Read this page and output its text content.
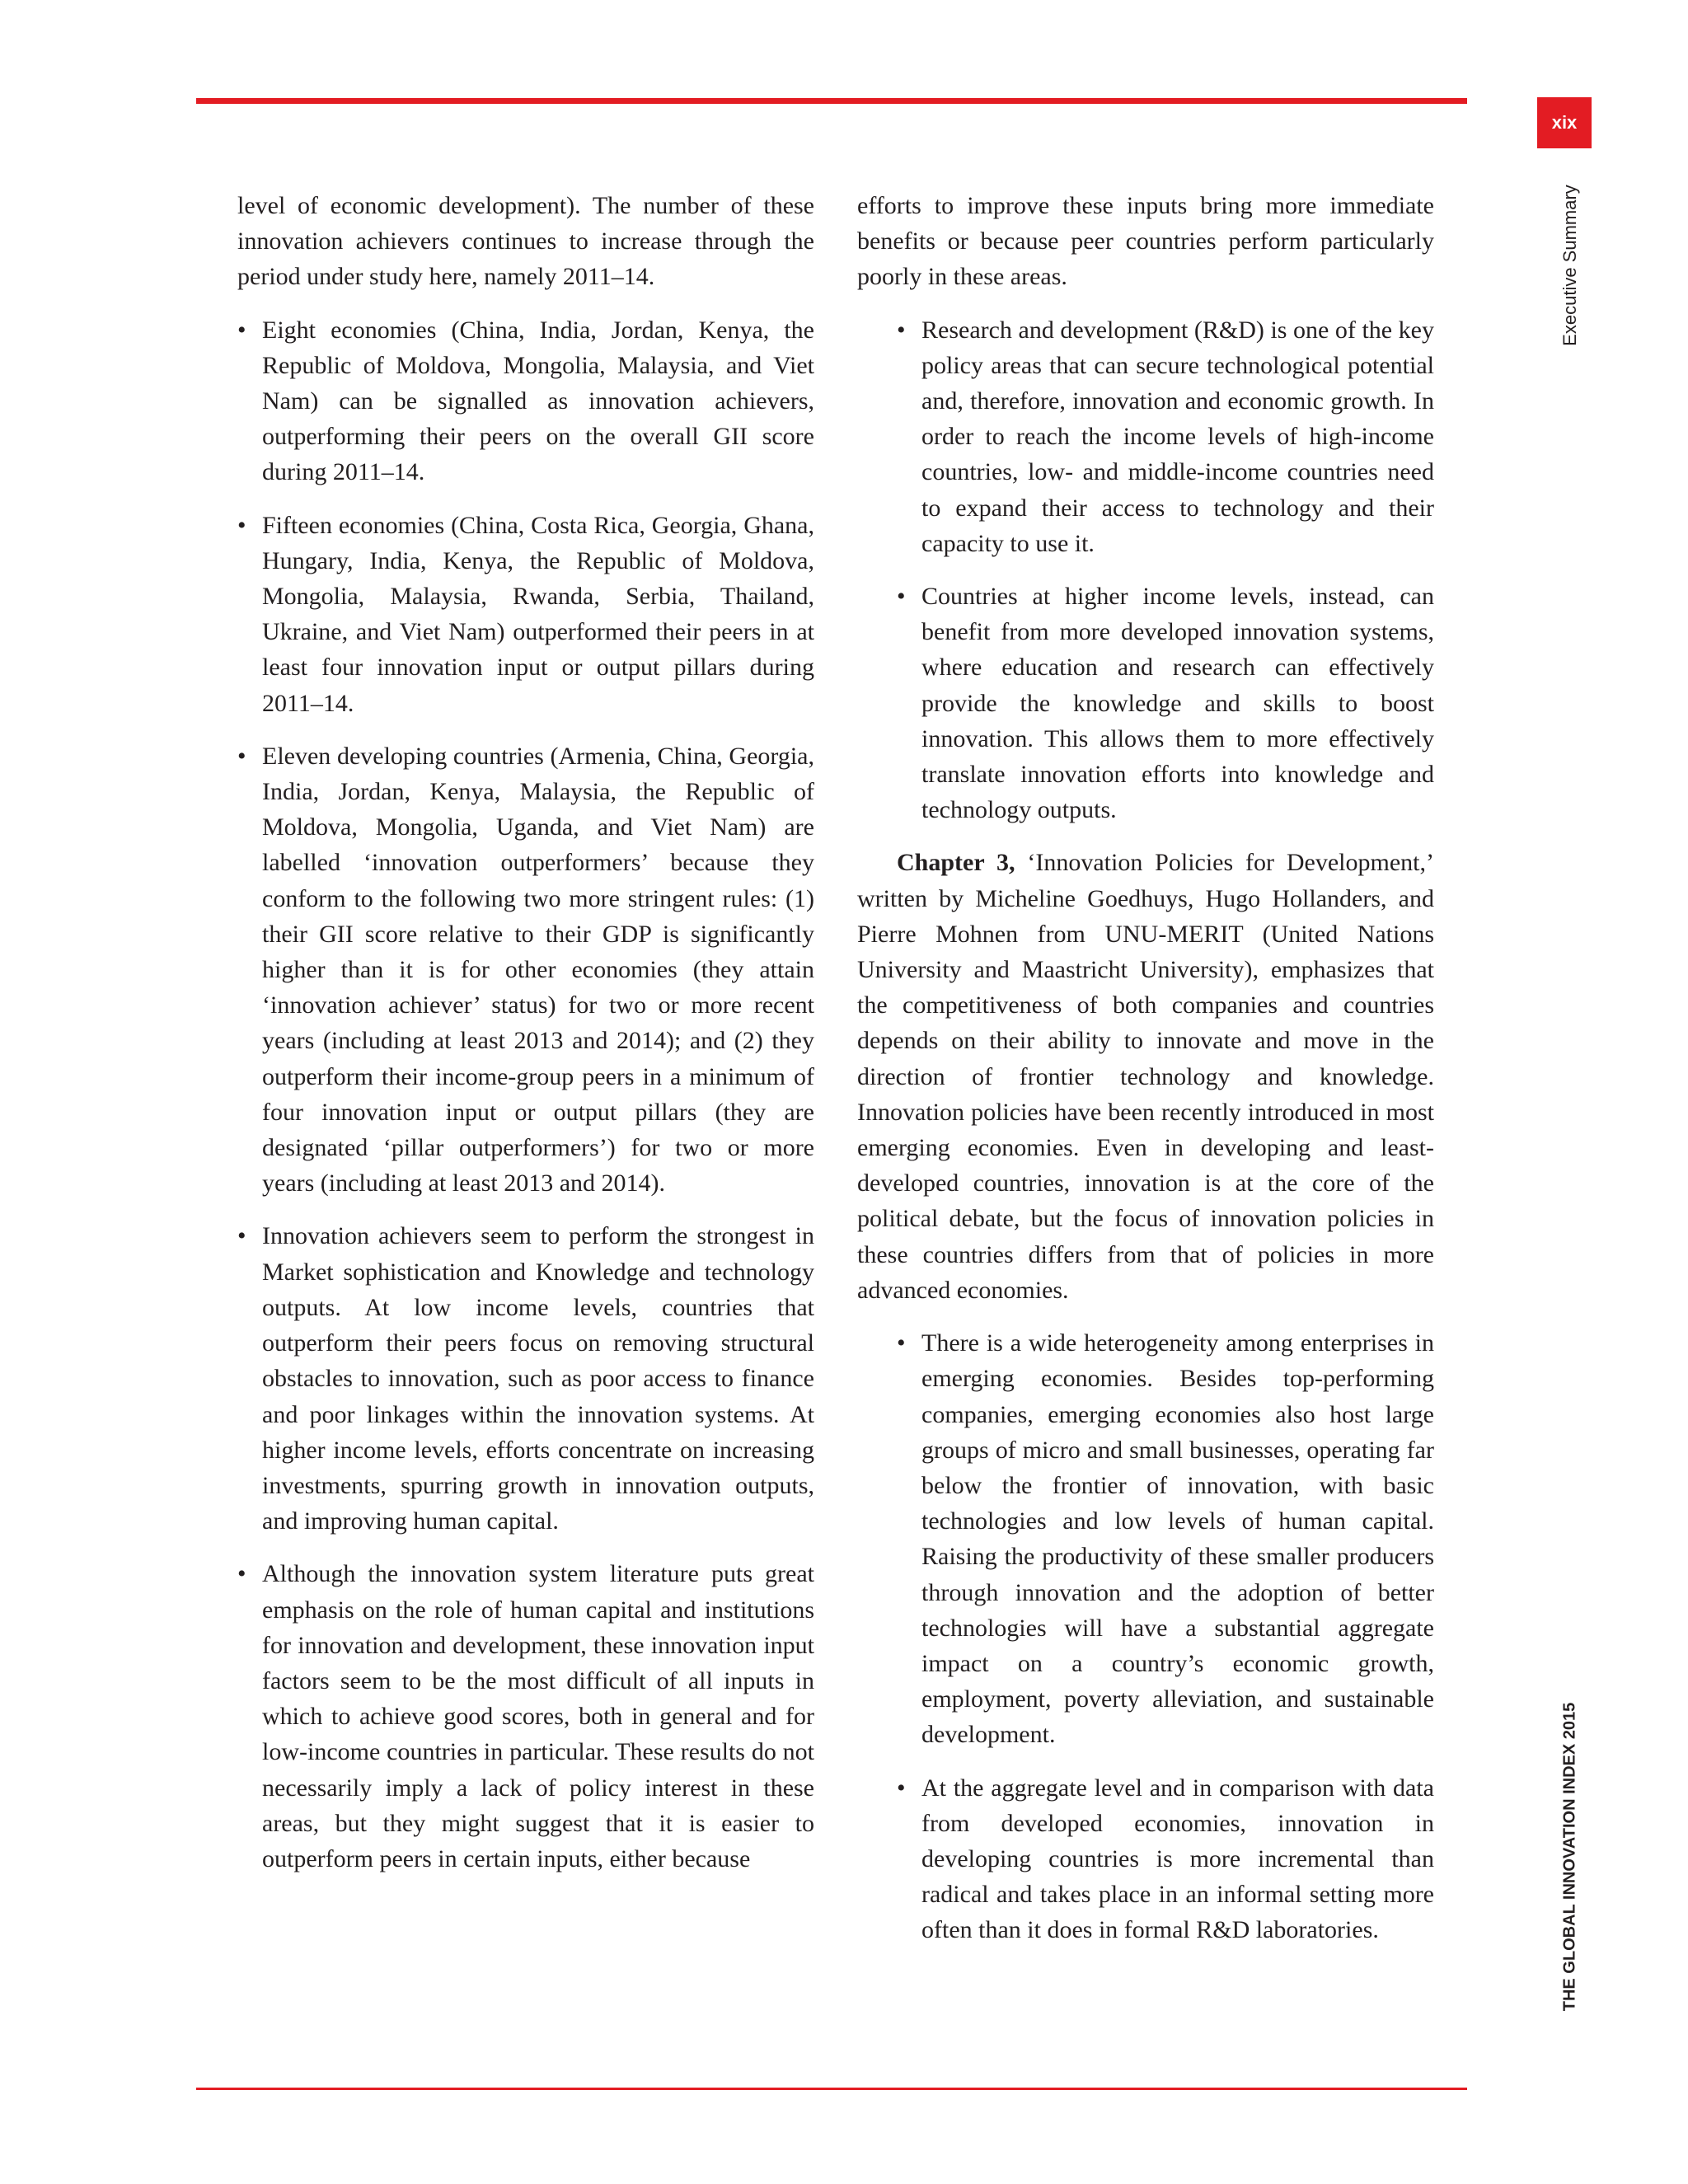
xix
Executive Summary
THE GLOBAL INNOVATION INDEX 2015

level of economic development). The number of these innovation achievers continues to increase through the period under study here, namely 2011–14.

• Eight economies (China, India, Jordan, Kenya, the Republic of Moldova, Mongolia, Malaysia, and Viet Nam) can be signalled as innovation achievers, outperforming their peers on the overall GII score during 2011–14.
• Fifteen economies (China, Costa Rica, Georgia, Ghana, Hungary, India, Kenya, the Republic of Moldova, Mongolia, Malaysia, Rwanda, Serbia, Thailand, Ukraine, and Viet Nam) outperformed their peers in at least four innovation input or output pillars during 2011–14.
• Eleven developing countries (Armenia, China, Georgia, India, Jordan, Kenya, Malaysia, the Republic of Moldova, Mongolia, Uganda, and Viet Nam) are labelled ‘innovation outperformers’ because they conform to the following two more stringent rules: (1) their GII score relative to their GDP is significantly higher than it is for other economies (they attain ‘innovation achiever’ status) for two or more recent years (including at least 2013 and 2014); and (2) they outperform their income-group peers in a minimum of four innovation input or output pillars (they are designated ‘pillar outperformers’) for two or more years (including at least 2013 and 2014).
• Innovation achievers seem to perform the strongest in Market sophistication and Knowledge and technology outputs. At low income levels, countries that outperform their peers focus on removing structural obstacles to innovation, such as poor access to finance and poor linkages within the innovation systems. At higher income levels, efforts concentrate on increasing investments, spurring growth in innovation outputs, and improving human capital.
• Although the innovation system literature puts great emphasis on the role of human capital and institutions for innovation and development, these innovation input factors seem to be the most difficult of all inputs in which to achieve good scores, both in general and for low-income countries in particular. These results do not necessarily imply a lack of policy interest in these areas, but they might suggest that it is easier to outperform peers in certain inputs, either because

efforts to improve these inputs bring more immediate benefits or because peer countries perform particularly poorly in these areas.

• Research and development (R&D) is one of the key policy areas that can secure technological potential and, therefore, innovation and economic growth. In order to reach the income levels of high-income countries, low- and middle-income countries need to expand their access to technology and their capacity to use it.
• Countries at higher income levels, instead, can benefit from more developed innovation systems, where education and research can effectively provide the knowledge and skills to boost innovation. This allows them to more effectively translate innovation efforts into knowledge and technology outputs.

Chapter 3, ‘Innovation Policies for Development,’ written by Micheline Goedhuys, Hugo Hollanders, and Pierre Mohnen from UNU-MERIT (United Nations University and Maastricht University), emphasizes that the competitiveness of both companies and countries depends on their ability to innovate and move in the direction of frontier technology and knowledge. Innovation policies have been recently introduced in most emerging economies. Even in developing and least-developed countries, innovation is at the core of the political debate, but the focus of innovation policies in these countries differs from that of policies in more advanced economies.

• There is a wide heterogeneity among enterprises in emerging economies. Besides top-performing companies, emerging economies also host large groups of micro and small businesses, operating far below the frontier of innovation, with basic technologies and low levels of human capital. Raising the productivity of these smaller producers through innovation and the adoption of better technologies will have a substantial aggregate impact on a country’s economic growth, employment, poverty alleviation, and sustainable development.
• At the aggregate level and in comparison with data from developed economies, innovation in developing countries is more incremental than radical and takes place in an informal setting more often than it does in formal R&D laboratories.
